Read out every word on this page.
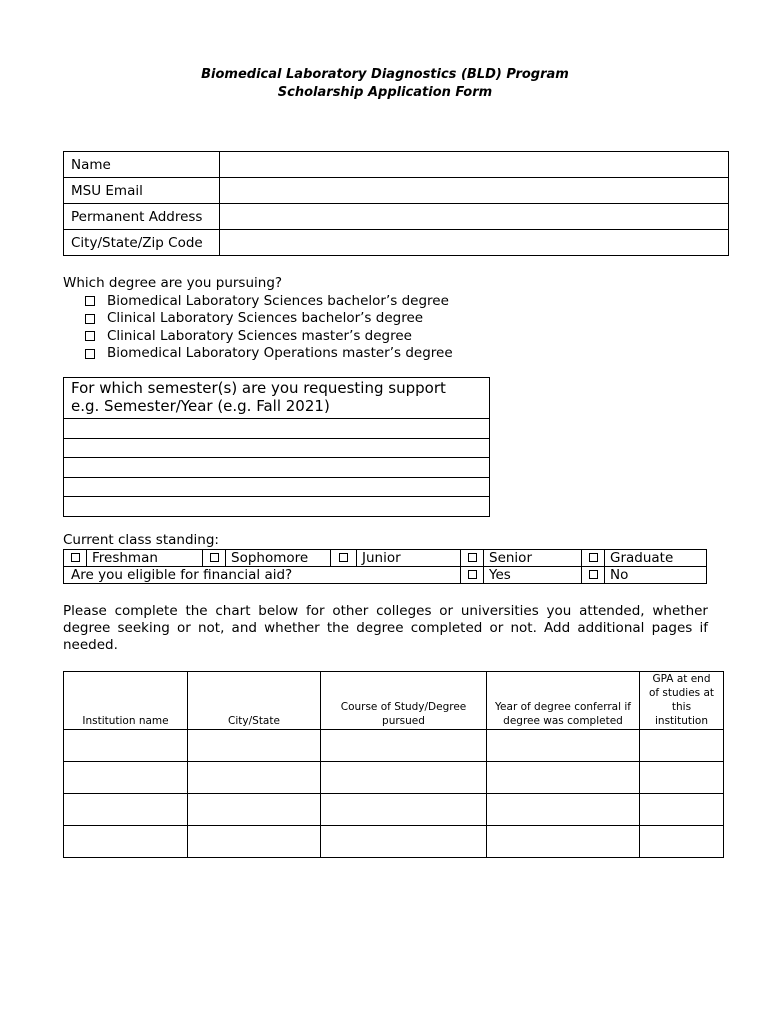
Biomedical Laboratory Diagnostics (BLD) Program
Scholarship Application Form
Name	
MSU Email	
Permanent Address	
City/State/Zip Code	
Which degree are you pursuing?
Biomedical Laboratory Sciences bachelor’s degree
Clinical Laboratory Sciences bachelor’s degree
Clinical Laboratory Sciences master’s degree
Biomedical Laboratory Operations master’s degree
For which semester(s) are you requesting support
e.g. Semester/Year (e.g. Fall 2021)

Current class standing:
	Freshman		Sophomore		Junior		Senior		Graduate
Are you eligible for financial aid?							Yes		No

Please complete the chart below for other colleges or universities you attended, whether degree seeking or not, and whether the degree completed or not. Add additional pages if needed.

Institution name	City/State	Course of Study/Degree pursued	Year of degree conferral if degree was completed	GPA at end of studies at this institution
